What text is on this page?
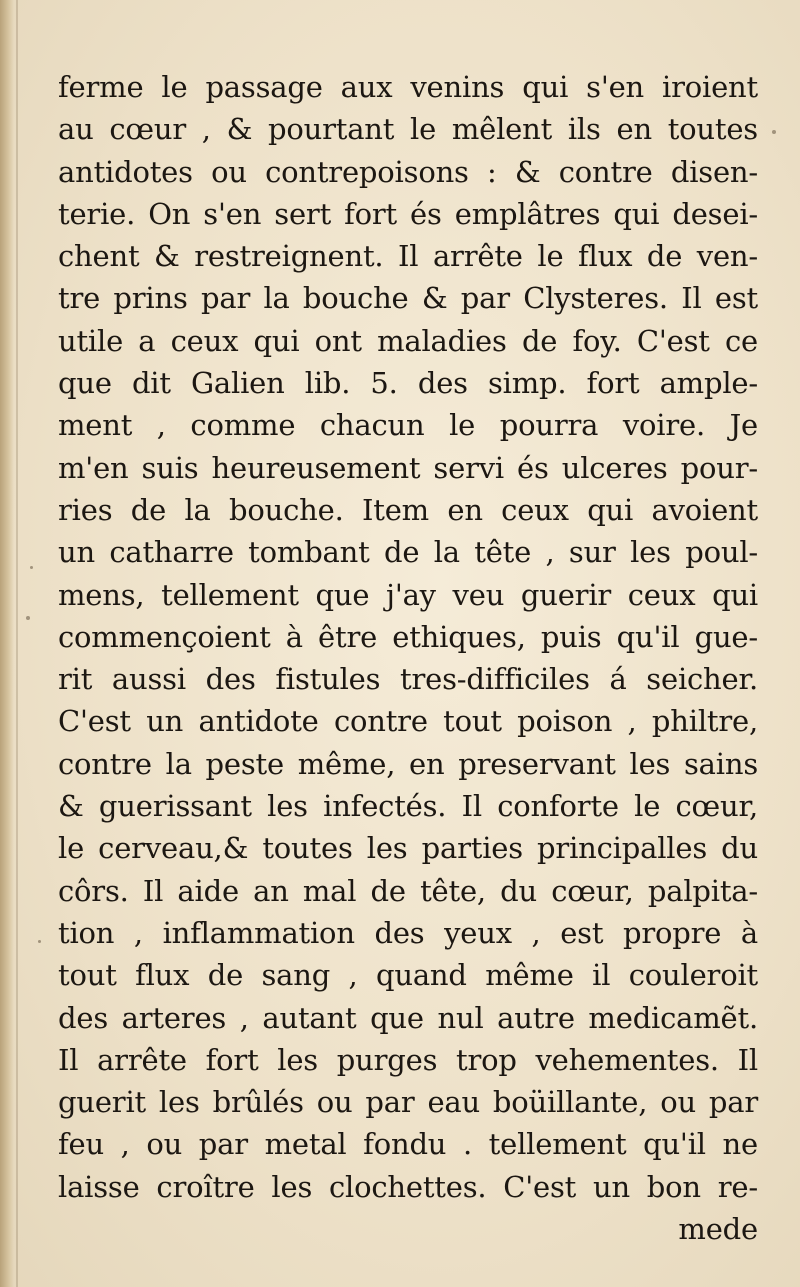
ferme le passage aux venins qui s'en iroient
au cœur , & pourtant le mêlent ils en toutes
antidotes ou contrepoisons : & contre disen-
terie. On s'en sert fort és emplâtres qui desei-
chent & restreignent. Il arrête le flux de ven-
tre prins par la bouche & par Clysteres. Il est
utile a ceux qui ont maladies de foy. C'est ce
que dit Galien lib. 5. des simp. fort ample-
ment , comme chacun le pourra voire. Je
m'en suis heureusement servi és ulceres pour-
ries de la bouche. Item en ceux qui avoient
un catharre tombant de la tête , sur les poul-
mens, tellement que j'ay veu guerir ceux qui
commençoient à être ethiques, puis qu'il gue-
rit aussi des fistules tres-difficiles á seicher.
C'est un antidote contre tout poison , philtre,
contre la peste même, en preservant les sains
& guerissant les infectés. Il conforte le cœur,
le cerveau,& toutes les parties principalles du
côrs. Il aide an mal de tête, du cœur, palpita-
tion , inflammation des yeux , est propre à
tout flux de sang , quand même il couleroit
des arteres , autant que nul autre medicamẽt.
Il arrête fort les purges trop vehementes. Il
guerit les brûlés ou par eau boüillante, ou par
feu , ou par metal fondu . tellement qu'il ne
laisse croître les clochettes. C'est un bon re-
mede
